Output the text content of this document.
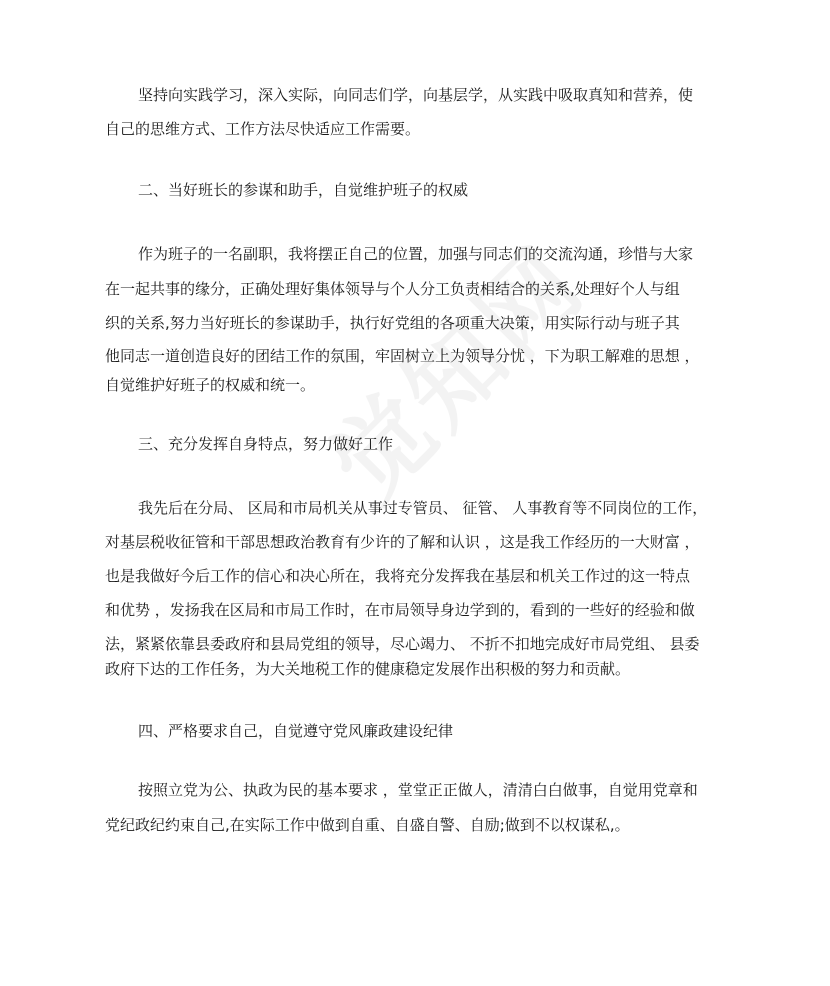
坚持向实践学习，深入实际，向同志们学，向基层学，从实践中吸取真知和营养，使

自己的思维方式、工作方法尽快适应工作需要。

二、当好班长的参谋和助手，自觉维护班子的权威

作为班子的一名副职，我将摆正自己的位置，加强与同志们的交流沟通，珍惜与大家

在一起共事的缘分，正确处理好集体领导与个人分工负责相结合的关系,处理好个人与组

织的关系,努力当好班长的参谋助手，执行好党组的各项重大决策，用实际行动与班子其

他同志一道创造良好的团结工作的氛围，牢固树立上为领导分忧 ，下为职工解难的思想 ，

自觉维护好班子的权威和统一。

三、充分发挥自身特点，努力做好工作

我先后在分局、 区局和市局机关从事过专管员、 征管、 人事教育等不同岗位的工作，

对基层税收征管和干部思想政治教育有少许的了解和认识 ，这是我工作经历的一大财富 ，

也是我做好今后工作的信心和决心所在，我将充分发挥我在基层和机关工作过的这一特点

和优势 ，发扬我在区局和市局工作时，在市局领导身边学到的，看到的一些好的经验和做

法，紧紧依靠县委政府和县局党组的领导，尽心竭力、 不折不扣地完成好市局党组、 县委

政府下达的工作任务，为大关地税工作的健康稳定发展作出积极的努力和贡献。

四、严格要求自己，自觉遵守党风廉政建设纪律

按照立党为公、执政为民的基本要求 ，堂堂正正做人，清清白白做事，自觉用党章和

党纪政纪约束自己,在实际工作中做到自重、自盛自警、自励;做到不以权谋私,。
